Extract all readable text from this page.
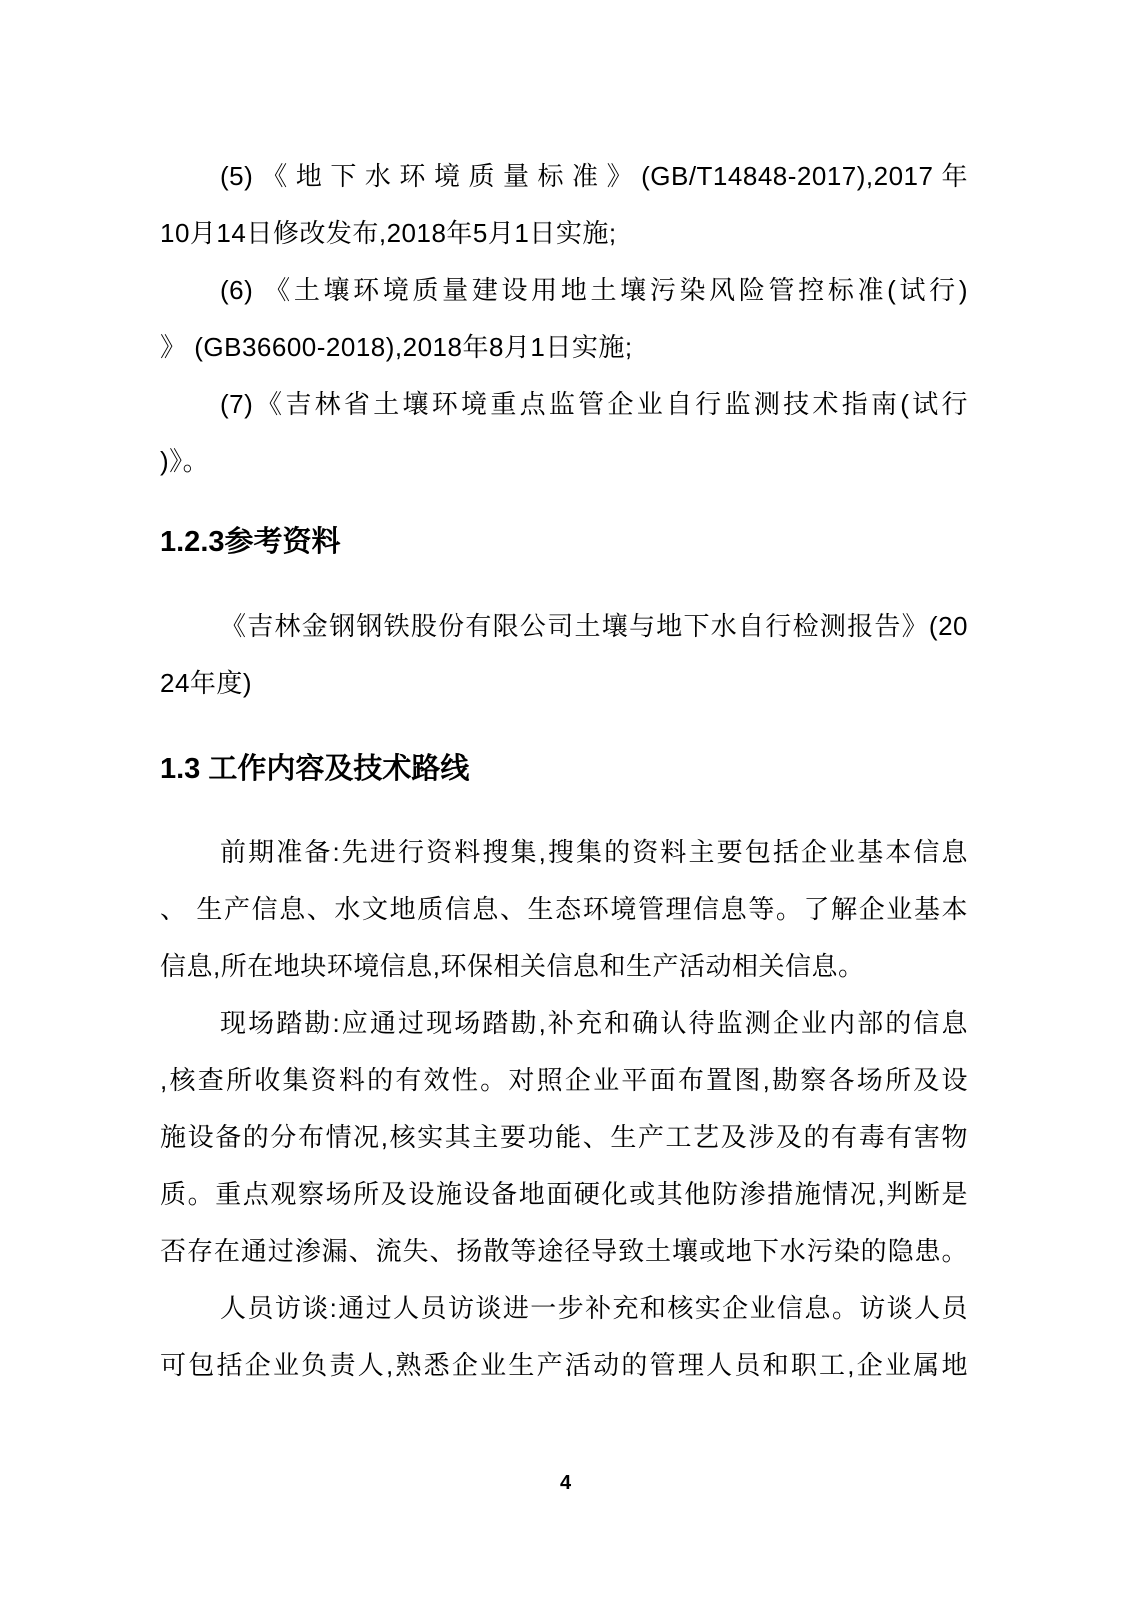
(5)《地下水环境质量标准》(GB/T14848-2017),2017年
10月14日修改发布,2018年5月1日实施;
(6) 《土壤环境质量建设用地土壤污染风险管控标准(试行)
》 (GB36600-2018),2018年8月1日实施;
(7)《吉林省土壤环境重点监管企业自行监测技术指南(试行
)》。
1.2.3参考资料
《吉林金钢钢铁股份有限公司土壤与地下水自行检测报告》(20
24年度)
1.3 工作内容及技术路线
前期准备:先进行资料搜集,搜集的资料主要包括企业基本信息
、 生产信息、水文地质信息、生态环境管理信息等。了解企业基本
信息,所在地块环境信息,环保相关信息和生产活动相关信息。
现场踏勘:应通过现场踏勘,补充和确认待监测企业内部的信息
,核查所收集资料的有效性。对照企业平面布置图,勘察各场所及设
施设备的分布情况,核实其主要功能、生产工艺及涉及的有毒有害物
质。重点观察场所及设施设备地面硬化或其他防渗措施情况,判断是
否存在通过渗漏、流失、扬散等途径导致土壤或地下水污染的隐患。
人员访谈:通过人员访谈进一步补充和核实企业信息。访谈人员
可包括企业负责人,熟悉企业生产活动的管理人员和职工,企业属地
4
